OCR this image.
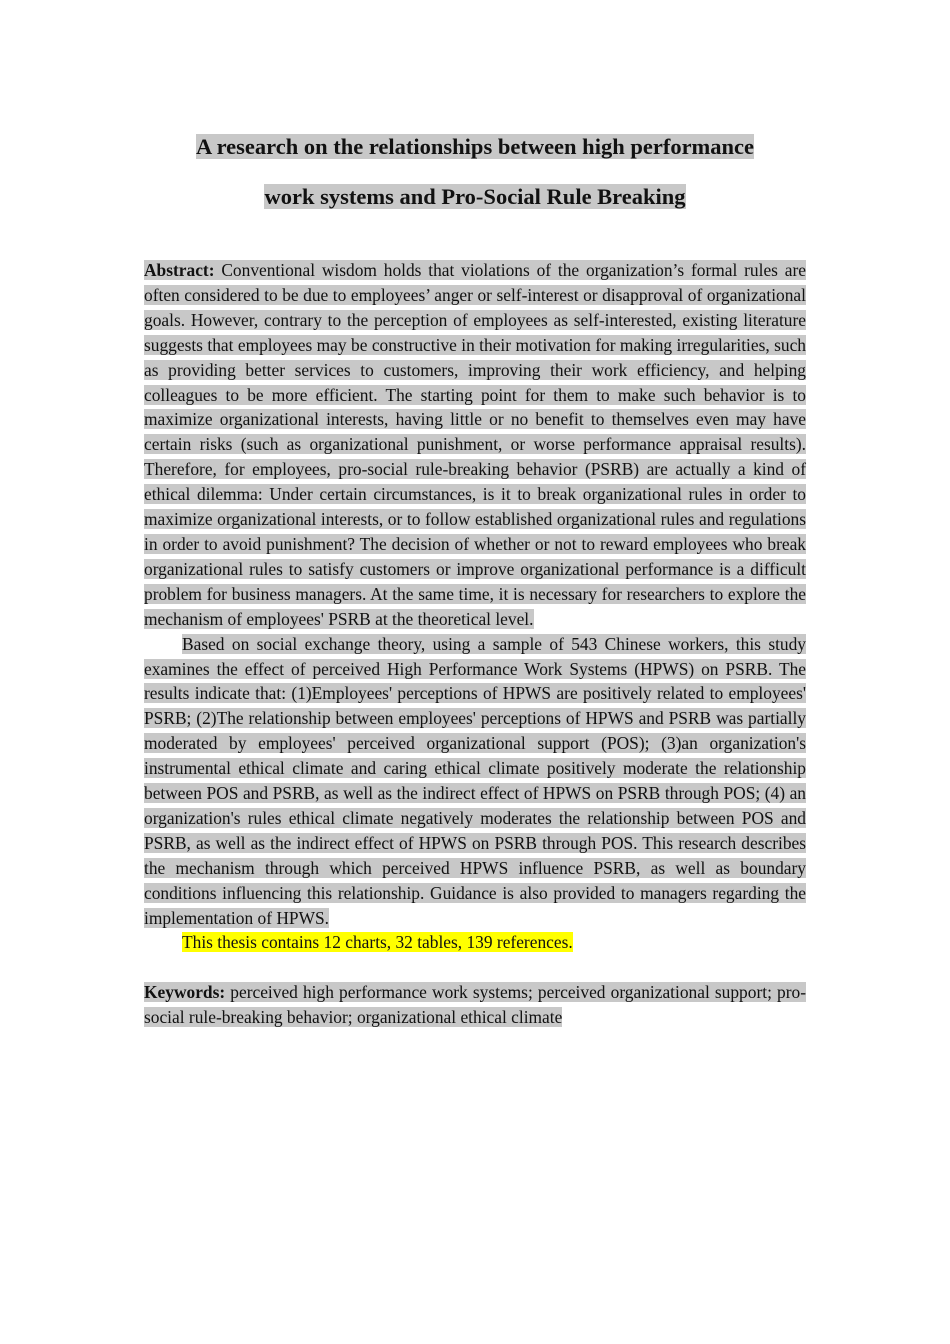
A research on the relationships between high performance
work systems and Pro-Social Rule Breaking

Abstract: Conventional wisdom holds that violations of the organization’s formal rules are often considered to be due to employees’ anger or self-interest or disapproval of organizational goals. However, contrary to the perception of employees as self-interested, existing literature suggests that employees may be constructive in their motivation for making irregularities, such as providing better services to customers, improving their work efficiency, and helping colleagues to be more efficient. The starting point for them to make such behavior is to maximize organizational interests, having little or no benefit to themselves even may have certain risks (such as organizational punishment, or worse performance appraisal results). Therefore, for employees, pro-social rule-breaking behavior (PSRB) are actually a kind of ethical dilemma: Under certain circumstances, is it to break organizational rules in order to maximize organizational interests, or to follow established organizational rules and regulations in order to avoid punishment? The decision of whether or not to reward employees who break organizational rules to satisfy customers or improve organizational performance is a difficult problem for business managers. At the same time, it is necessary for researchers to explore the mechanism of employees' PSRB at the theoretical level.

Based on social exchange theory, using a sample of 543 Chinese workers, this study examines the effect of perceived High Performance Work Systems (HPWS) on PSRB. The results indicate that: (1)Employees' perceptions of HPWS are positively related to employees' PSRB; (2)The relationship between employees' perceptions of HPWS and PSRB was partially moderated by employees' perceived organizational support (POS); (3)an organization's instrumental ethical climate and caring ethical climate positively moderate the relationship between POS and PSRB, as well as the indirect effect of HPWS on PSRB through POS; (4) an organization's rules ethical climate negatively moderates the relationship between POS and PSRB, as well as the indirect effect of HPWS on PSRB through POS. This research describes the mechanism through which perceived HPWS influence PSRB, as well as boundary conditions influencing this relationship. Guidance is also provided to managers regarding the implementation of HPWS.

This thesis contains 12 charts, 32 tables, 139 references.

Keywords: perceived high performance work systems; perceived organizational support; pro-social rule-breaking behavior; organizational ethical climate
